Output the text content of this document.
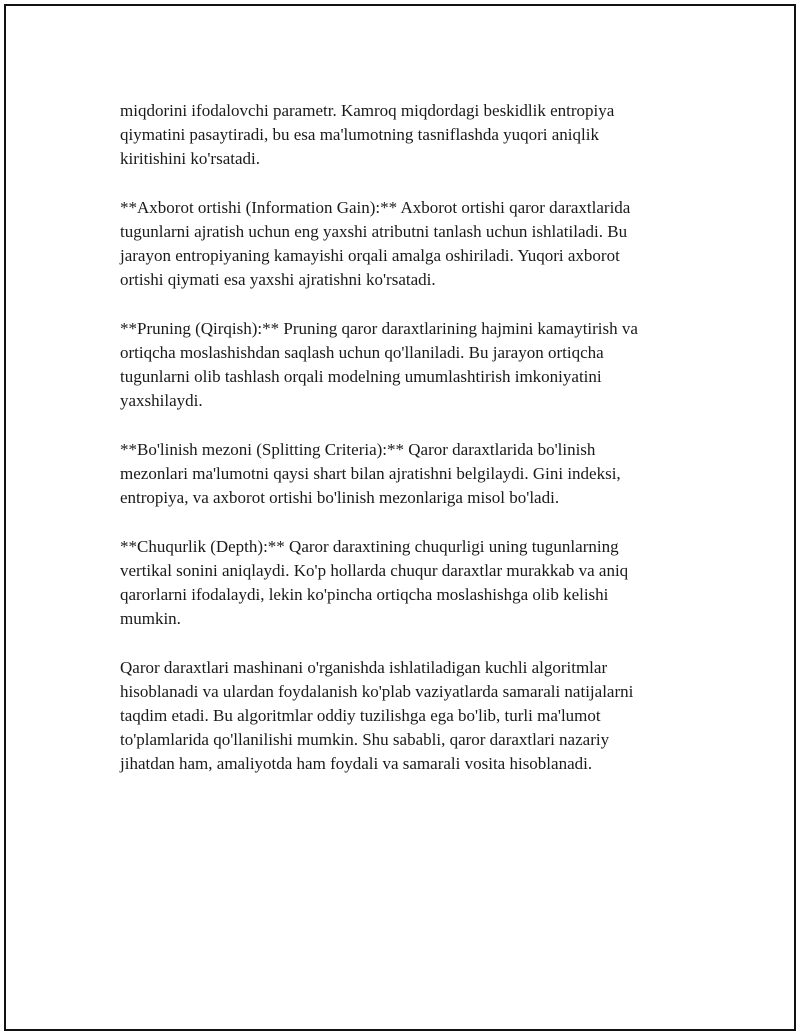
miqdorini ifodalovchi parametr. Kamroq miqdordagi beskidlik entropiya
qiymatini pasaytiradi, bu esa ma'lumotning tasniflashda yuqori aniqlik
kiritishini ko'rsatadi.

**Axborot ortishi (Information Gain):** Axborot ortishi qaror daraxtlarida
tugunlarni ajratish uchun eng yaxshi atributni tanlash uchun ishlatiladi. Bu
jarayon entropiyaning kamayishi orqali amalga oshiriladi. Yuqori axborot
ortishi qiymati esa yaxshi ajratishni ko'rsatadi.

**Pruning (Qirqish):** Pruning qaror daraxtlarining hajmini kamaytirish va
ortiqcha moslashishdan saqlash uchun qo'llaniladi. Bu jarayon ortiqcha
tugunlarni olib tashlash orqali modelning umumlashtirish imkoniyatini
yaxshilaydi.

**Bo'linish mezoni (Splitting Criteria):** Qaror daraxtlarida bo'linish
mezonlari ma'lumotni qaysi shart bilan ajratishni belgilaydi. Gini indeksi,
entropiya, va axborot ortishi bo'linish mezonlariga misol bo'ladi.

**Chuqurlik (Depth):** Qaror daraxtining chuqurligi uning tugunlarning
vertikal sonini aniqlaydi. Ko'p hollarda chuqur daraxtlar murakkab va aniq
qarorlarni ifodalaydi, lekin ko'pincha ortiqcha moslashishga olib kelishi
mumkin.

Qaror daraxtlari mashinani o'rganishda ishlatiladigan kuchli algoritmlar
hisoblanadi va ulardan foydalanish ko'plab vaziyatlarda samarali natijalarni
taqdim etadi. Bu algoritmlar oddiy tuzilishga ega bo'lib, turli ma'lumot
to'plamlarida qo'llanilishi mumkin. Shu sababli, qaror daraxtlari nazariy
jihatdan ham, amaliyotda ham foydali va samarali vosita hisoblanadi.
